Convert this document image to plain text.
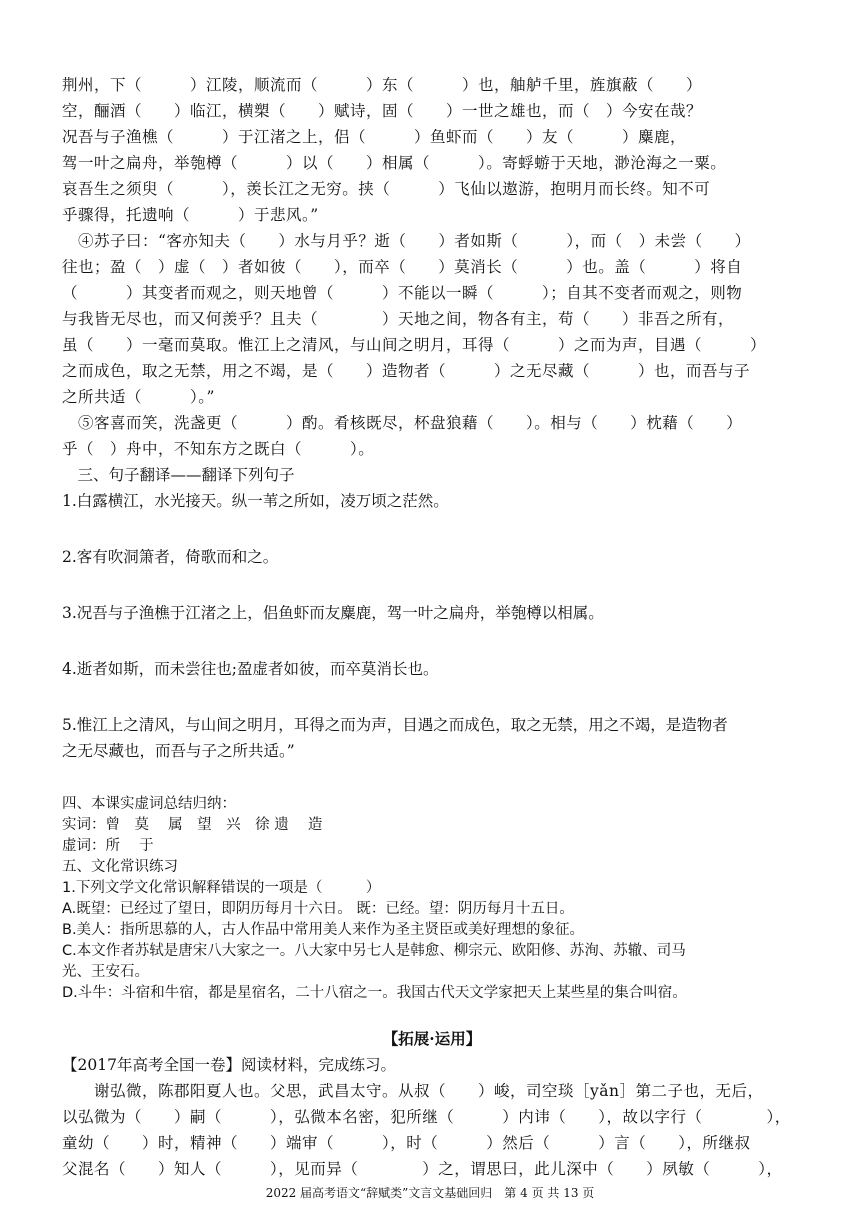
荆州，下（　　　）江陵，顺流而（　　　）东（　　　）也，舳舻千里，旌旗蔽（　　）
空，酾酒（　　）临江，横槊（　　）赋诗，固（　　）一世之雄也，而（　）今安在哉？
况吾与子渔樵（　　　）于江渚之上，侣（　　　）鱼虾而（　　）友（　　　）麋鹿，
驾一叶之扁舟，举匏樽（　　　）以（　　）相属（　　　）。寄蜉蝣于天地，渺沧海之一粟。
哀吾生之须臾（　　　），羡长江之无穷。挟（　　　）飞仙以遨游，抱明月而长终。知不可
乎骤得，托遗响（　　　）于悲风。”
　④苏子曰：“客亦知夫（　　）水与月乎？逝（　　）者如斯（　　　），而（　）未尝（　　）
往也；盈（　）虚（　）者如彼（　　），而卒（　　）莫消长（　　　）也。盖（　　　）将自
（　　　）其变者而观之，则天地曾（　　　）不能以一瞬（　　　）；自其不变者而观之，则物
与我皆无尽也，而又何羡乎？且夫（　　　　）天地之间，物各有主，苟（　　）非吾之所有，
虽（　　）一毫而莫取。惟江上之清风，与山间之明月，耳得（　　　）之而为声，目遇（　　　）
之而成色，取之无禁，用之不竭，是（　　）造物者（　　　）之无尽藏（　　　）也，而吾与子
之所共适（　　　）。”
　⑤客喜而笑，洗盏更（　　　）酌。肴核既尽，杯盘狼藉（　　）。相与（　　）枕藉（　　）
乎（　）舟中，不知东方之既白（　　　）。
　三、句子翻译——翻译下列句子
1.白露横江，水光接天。纵一苇之所如，凌万顷之茫然。
2.客有吹洞箫者，倚歌而和之。
3.况吾与子渔樵于江渚之上，侣鱼虾而友麋鹿，驾一叶之扁舟，举匏樽以相属。
4.逝者如斯，而未尝往也;盈虚者如彼，而卒莫消长也。
5.惟江上之清风，与山间之明月，耳得之而为声，目遇之而成色，取之无禁，用之不竭，是造物者
之无尽藏也，而吾与子之所共适。”
四、本课实虚词总结归纳：
实词：曾　莫　 属　望　兴　徐 遗　 造
虚词：所　 于
五、文化常识练习
1.下列文学文化常识解释错误的一项是（　　　）
A.既望：已经过了望日，即阴历每月十六日。 既：已经。望：阴历每月十五日。
B.美人：指所思慕的人，古人作品中常用美人来作为圣主贤臣或美好理想的象征。
C.本文作者苏轼是唐宋八大家之一。八大家中另七人是韩愈、柳宗元、欧阳修、苏洵、苏辙、司马
光、王安石。
D.斗牛：斗宿和牛宿，都是星宿名，二十八宿之一。我国古代天文学家把天上某些星的集合叫宿。
【拓展·运用】
【2017年高考全国一卷】阅读材料，完成练习。
　　谢弘微，陈郡阳夏人也。父思，武昌太守。从叔（　　）峻，司空琰［yǎn］第二子也，无后，
以弘微为（　　）嗣（　　　），弘微本名密，犯所继（　　　）内讳（　　），故以字行（　　　　），
童幼（　　）时，精神（　　）端审（　　　），时（　　　）然后（　　　）言（　　），所继叔
父混名（　　）知人（　　　），见而异（　　　　）之，谓思曰，此儿深中（　　）夙敏（　　　），
2022 届高考语文“辞赋类”文言文基础回归　第 4 页 共 13 页
